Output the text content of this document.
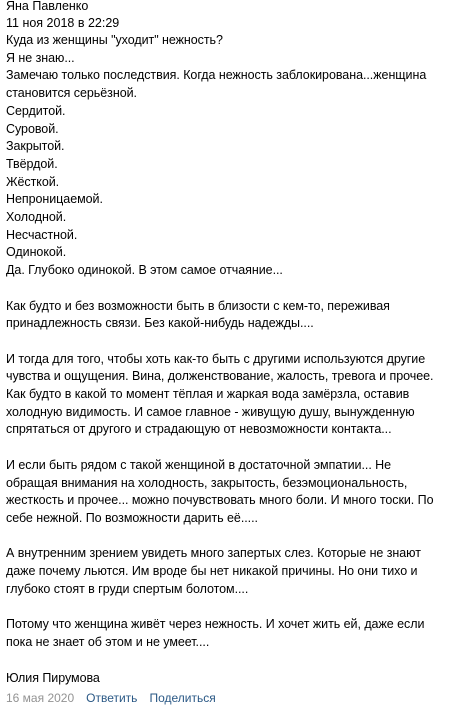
Яна Павленко
11 ноя 2018 в 22:29
Куда из женщины "уходит" нежность?
Я не знаю...
Замечаю только последствия. Когда нежность заблокирована...женщина
становится серьёзной.
Сердитой.
Суровой.
Закрытой.
Твёрдой.
Жёсткой.
Непроницаемой.
Холодной.
Несчастной.
Одинокой.
Да. Глубоко одинокой. В этом самое отчаяние...
Как будто и без возможности быть в близости с кем-то, переживая
принадлежность связи. Без какой-нибудь надежды....
И тогда для того, чтобы хоть как-то быть с другими используются другие
чувства и ощущения. Вина, долженствование, жалость, тревога и прочее.
Как будто в какой то момент тёплая и жаркая вода замёрзла, оставив
холодную видимость. И самое главное - живущую душу, вынужденную
спрятаться от другого и страдающую от невозможности контакта...
И если быть рядом с такой женщиной в достаточной эмпатии... Не
обращая внимания на холодность, закрытость, безэмоциональность,
жесткость и прочее... можно почувствовать много боли. И много тоски. По
себе нежной. По возможности дарить её.....
А внутренним зрением увидеть много запертых слез. Которые не знают
даже почему льются. Им вроде бы нет никакой причины. Но они тихо и
глубоко стоят в груди спертым болотом....
Потому что женщина живёт через нежность. И хочет жить ей, даже если
пока не знает об этом и не умеет....
Юлия Пирумова
16 мая 2020 Ответить Поделиться
